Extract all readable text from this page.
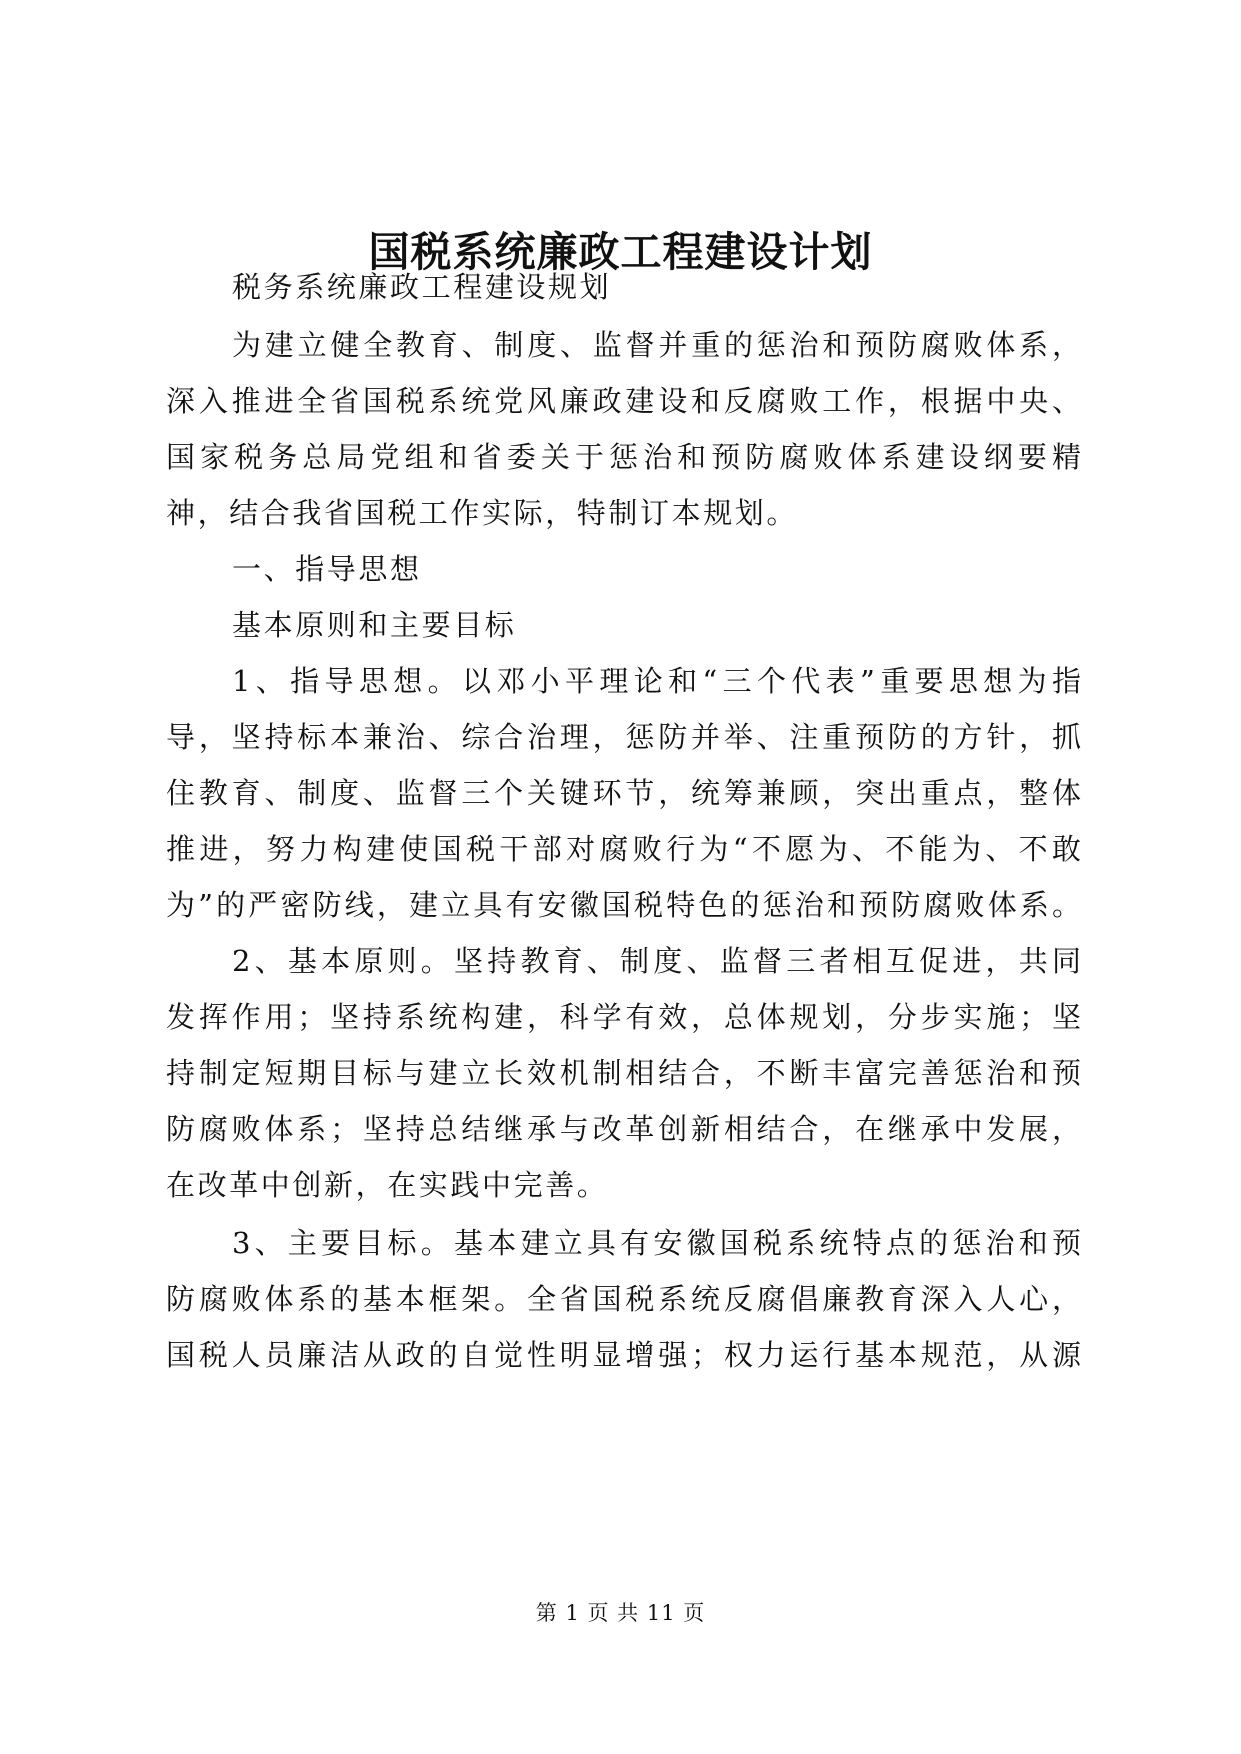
国税系统廉政工程建设计划

税务系统廉政工程建设规划

为建立健全教育、制度、监督并重的惩治和预防腐败体系，

深入推进全省国税系统党风廉政建设和反腐败工作，根据中央、

国家税务总局党组和省委关于惩治和预防腐败体系建设纲要精

神，结合我省国税工作实际，特制订本规划。

一、指导思想

基本原则和主要目标

1、指导思想。以邓小平理论和“三个代表”重要思想为指

导，坚持标本兼治、综合治理，惩防并举、注重预防的方针，抓

住教育、制度、监督三个关键环节，统筹兼顾，突出重点，整体

推进，努力构建使国税干部对腐败行为“不愿为、不能为、不敢

为”的严密防线，建立具有安徽国税特色的惩治和预防腐败体系。

2、基本原则。坚持教育、制度、监督三者相互促进，共同

发挥作用；坚持系统构建，科学有效，总体规划，分步实施；坚

持制定短期目标与建立长效机制相结合，不断丰富完善惩治和预

防腐败体系；坚持总结继承与改革创新相结合，在继承中发展，

在改革中创新，在实践中完善。

3、主要目标。基本建立具有安徽国税系统特点的惩治和预

防腐败体系的基本框架。全省国税系统反腐倡廉教育深入人心，

国税人员廉洁从政的自觉性明显增强；权力运行基本规范，从源

第 1 页 共 11 页
